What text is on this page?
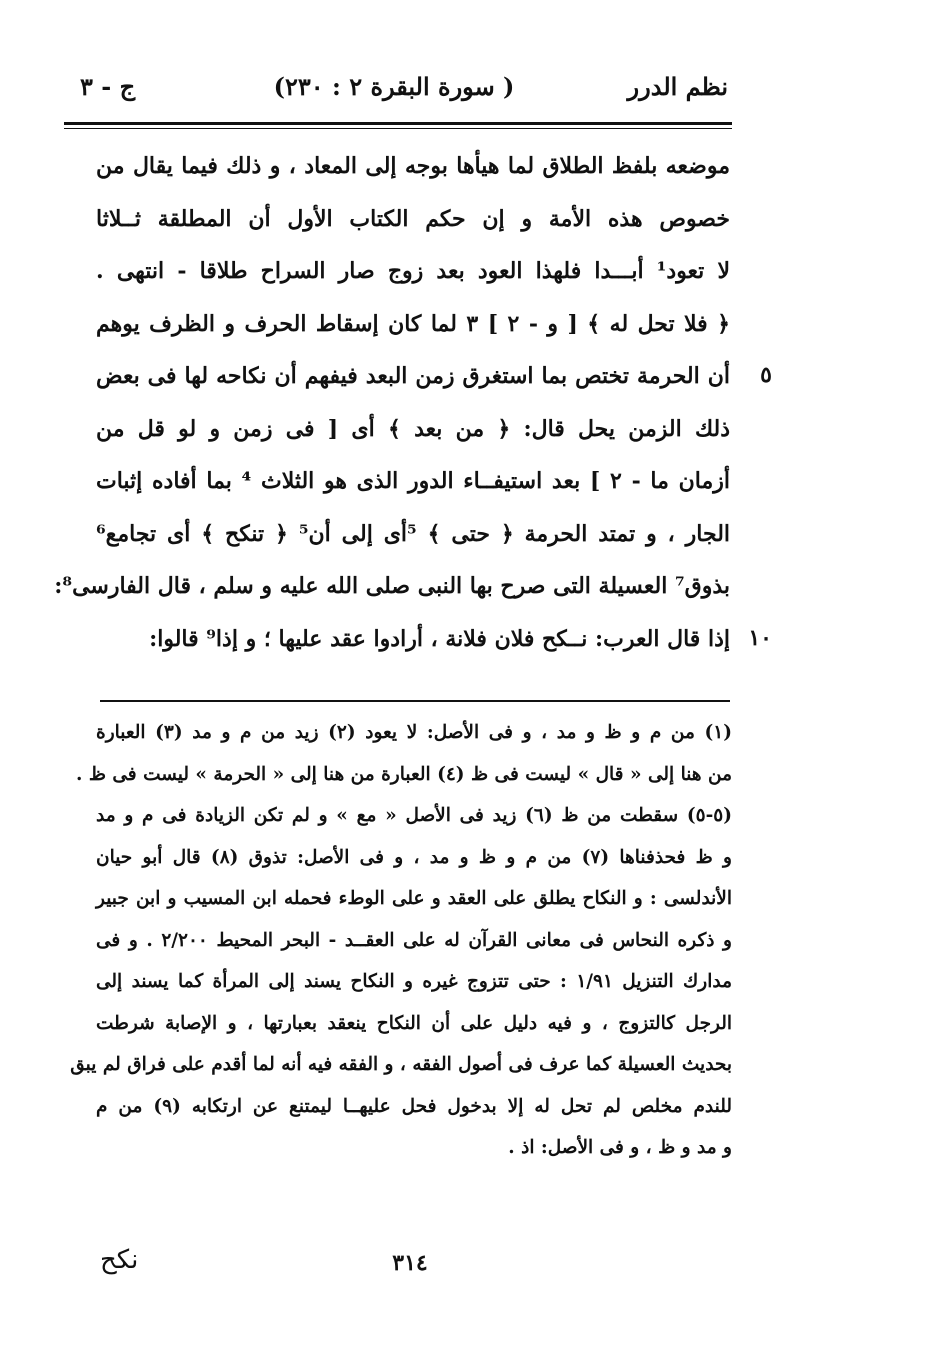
نظم الدرر
( سورة البقرة ٢ : ٢٣٠)
ج - ٣
موضعه بلفظ الطلاق لما هيأها بوجه إلى المعاد ، و ذلك فيما يقال من
خصوص هذه الأمة و إن حكم الكتاب الأول أن المطلقة ثــلاثا
لا تعود¹ أبـــدا فلهذا العود بعد زوج صار السراح طلاقا - انتهى .
﴿ فلا تحل له ﴾ [ و - ٢ ] ٣ لما كان إسقاط الحرف و الظرف يوهم
أن الحرمة تختص بما استغرق زمن البعد فيفهم أن نكاحه لها فى بعض
ذلك الزمن يحل قال: ﴿ من بعد ﴾ أى [ فى زمن و لو قل من
أزمان ما - ٢ ] بعد استيفــاء الدور الذى هو الثلاث ⁴ بما أفاده إثبات
الجار ، و تمتد الحرمة ﴿ حتى ﴾ ⁵أى إلى أن⁵ ﴿ تنكح ﴾ أى تجامع⁶
بذوق⁷ العسيلة التى صرح بها النبى صلى الله عليه و سلم ، قال الفارسى⁸:
إذا قال العرب: نــكح فلان فلانة ، أرادوا عقد عليها ؛ و إذا⁹ قالوا:
٥
١٠
(١) من م و ظ و مد ، و فى الأصل: لا يعود (٢) زيد من م و مد (٣) العبارة
من هنا إلى « قال » ليست فى ظ (٤) العبارة من هنا إلى « الحرمة » ليست فى ظ .
(٥-٥) سقطت من ظ (٦) زيد فى الأصل « مع » و لم تكن الزيادة فى م و مد
و ظ فحذفناها (٧) من م و ظ و مد ، و فى الأصل: تذوق (٨) قال أبو حيان
الأندلسى : و النكاح يطلق على العقد و على الوطء فحمله ابن المسيب و ابن جبير
و ذكره النحاس فى معانى القرآن له على العقــد - البحر المحيط ٢/٢٠٠ . و فى
مدارك التنزيل ١/٩١ : حتى تتزوج غيره و النكاح يسند إلى المرأة كما يسند إلى
الرجل كالتزوج ، و فيه دليل على أن النكاح ينعقد بعبارتها ، و الإصابة شرطت
بحديث العسيلة كما عرف فى أصول الفقه ، و الفقه فيه أنه لما أقدم على فراق لم يبق
للندم مخلص لم تحل له إلا بدخول فحل عليهــا ليمتنع عن ارتكابه (٩) من م
و مد و ظ ، و فى الأصل: اذ .
٣١٤
نكح
